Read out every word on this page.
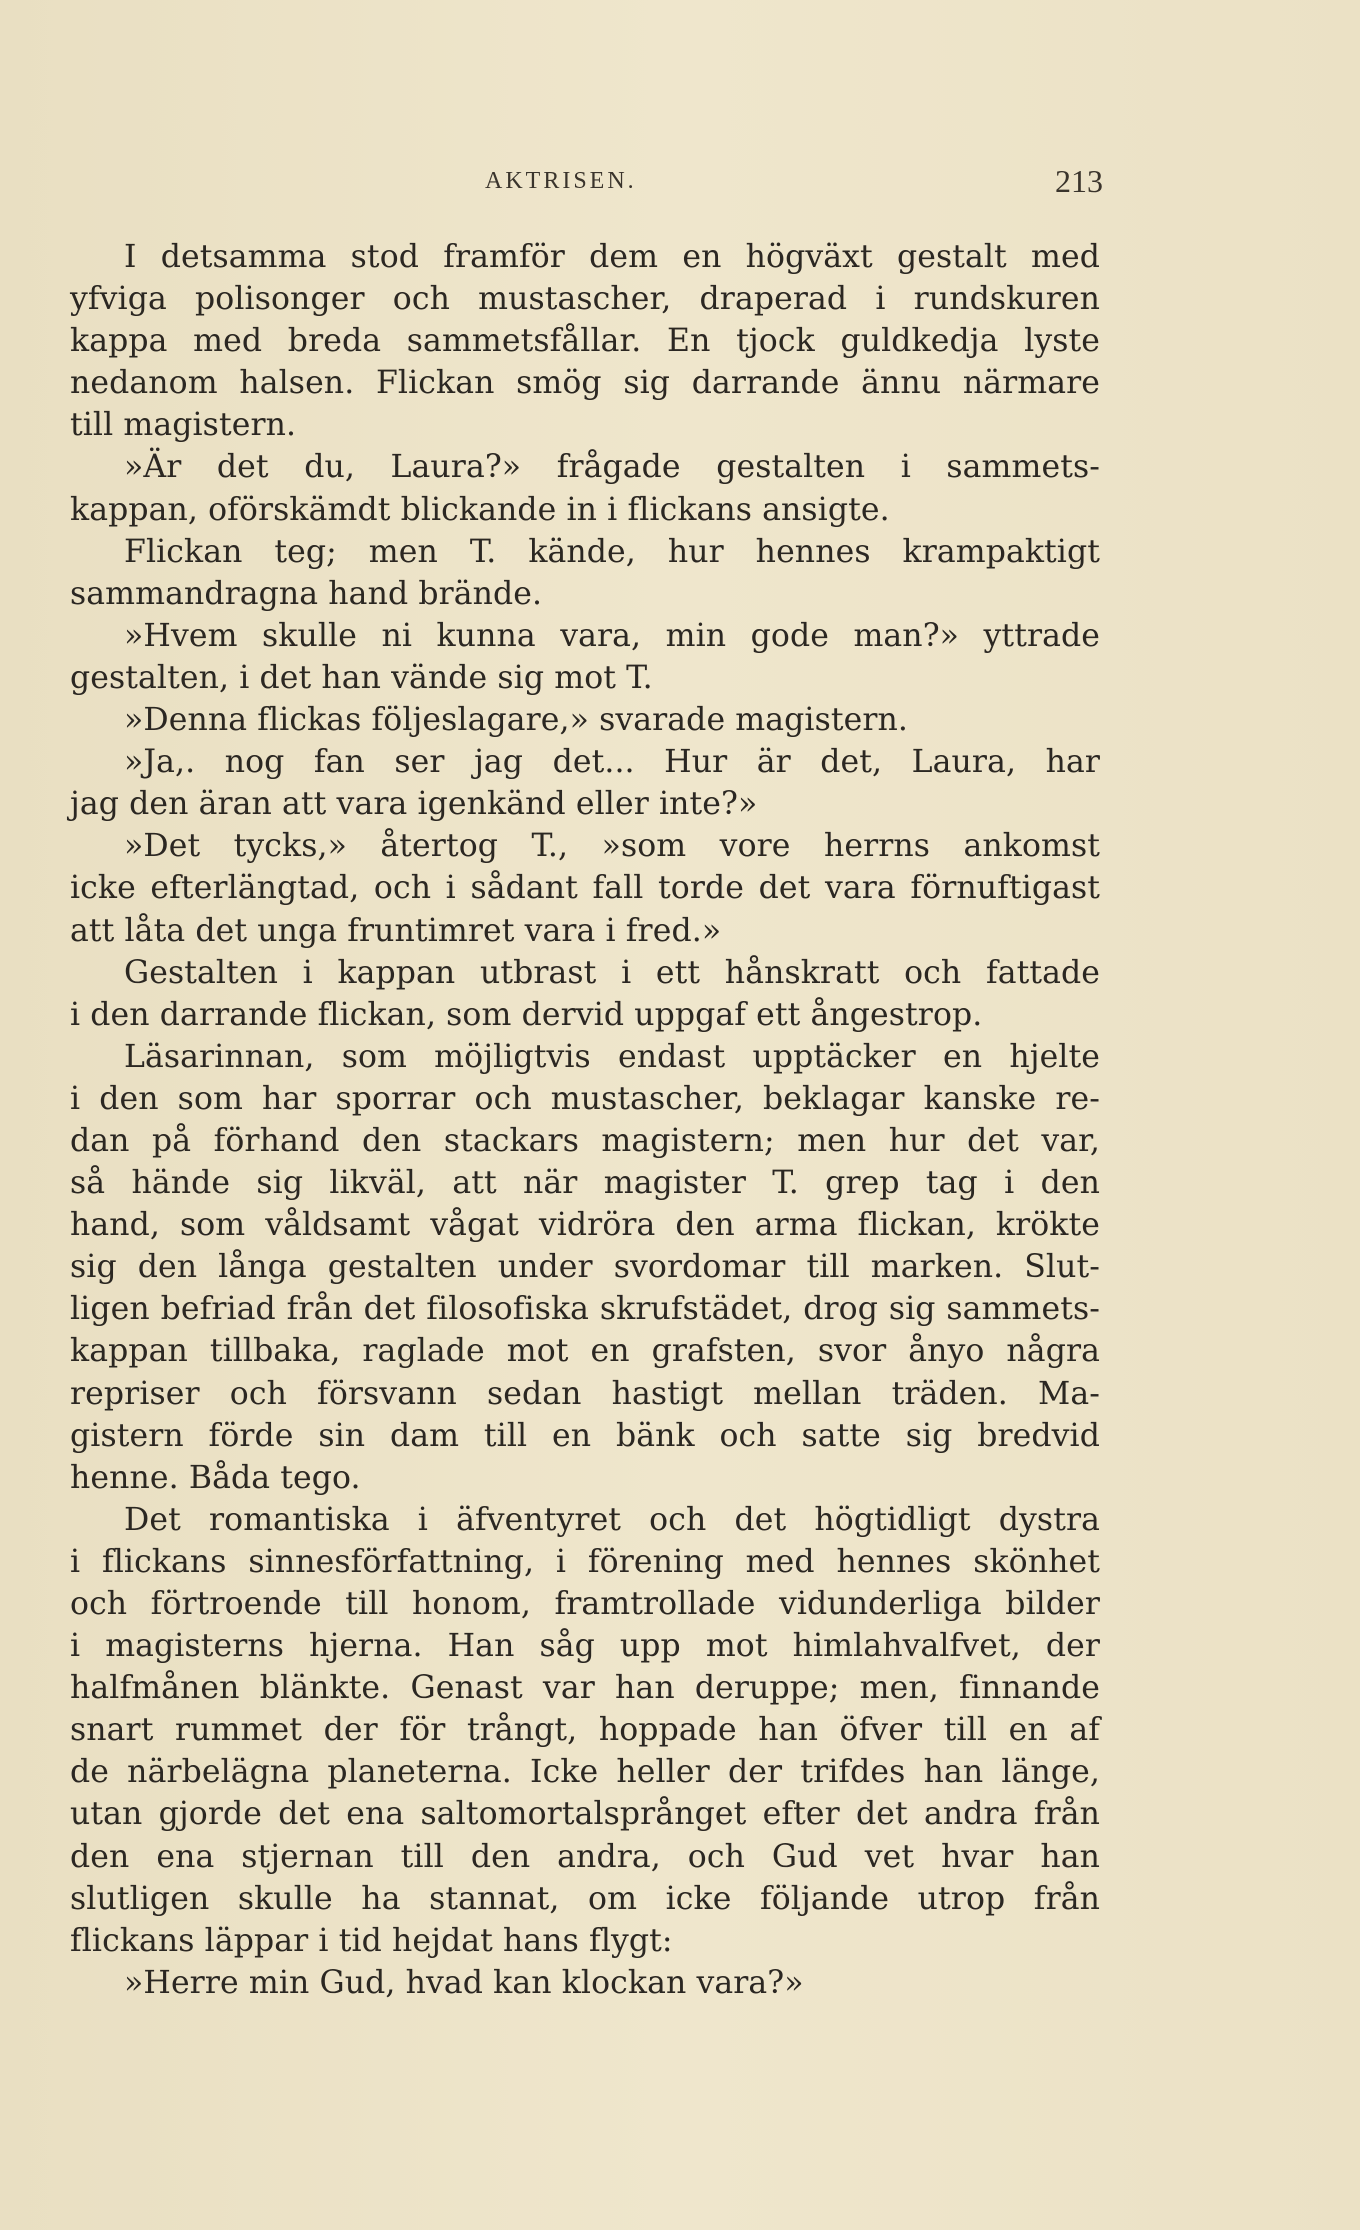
AKTRISEN.	213
I detsamma stod framför dem en högväxt gestalt med
yfviga polisonger och mustascher, draperad i rundskuren
kappa med breda sammetsfållar. En tjock guldkedja lyste
nedanom halsen. Flickan smög sig darrande ännu närmare
till magistern.
»Är det du, Laura?» frågade gestalten i sammets-
kappan, oförskämdt blickande in i flickans ansigte.
Flickan teg; men T. kände, hur hennes krampaktigt
sammandragna hand brände.
»Hvem skulle ni kunna vara, min gode man?» yttrade
gestalten, i det han vände sig mot T.
»Denna flickas följeslagare,» svarade magistern.
»Ja,. nog fan ser jag det... Hur är det, Laura, har
jag den äran att vara igenkänd eller inte?»
»Det tycks,» återtog T., »som vore herrns ankomst
icke efterlängtad, och i sådant fall torde det vara förnuftigast
att låta det unga fruntimret vara i fred.»
Gestalten i kappan utbrast i ett hånskratt och fattade
i den darrande flickan, som dervid uppgaf ett ångestrop.
Läsarinnan, som möjligtvis endast upptäcker en hjelte
i den som har sporrar och mustascher, beklagar kanske re-
dan på förhand den stackars magistern; men hur det var,
så hände sig likväl, att när magister T. grep tag i den
hand, som våldsamt vågat vidröra den arma flickan, krökte
sig den långa gestalten under svordomar till marken. Slut-
ligen befriad från det filosofiska skrufstädet, drog sig sammets-
kappan tillbaka, raglade mot en grafsten, svor ånyo några
repriser och försvann sedan hastigt mellan träden. Ma-
gistern förde sin dam till en bänk och satte sig bredvid
henne. Båda tego.
Det romantiska i äfventyret och det högtidligt dystra
i flickans sinnesförfattning, i förening med hennes skönhet
och förtroende till honom, framtrollade vidunderliga bilder
i magisterns hjerna. Han såg upp mot himlahvalfvet, der
halfmånen blänkte. Genast var han deruppe; men, finnande
snart rummet der för trångt, hoppade han öfver till en af
de närbelägna planeterna. Icke heller der trifdes han länge,
utan gjorde det ena saltomortalsprånget efter det andra från
den ena stjernan till den andra, och Gud vet hvar han
slutligen skulle ha stannat, om icke följande utrop från
flickans läppar i tid hejdat hans flygt:
»Herre min Gud, hvad kan klockan vara?»
